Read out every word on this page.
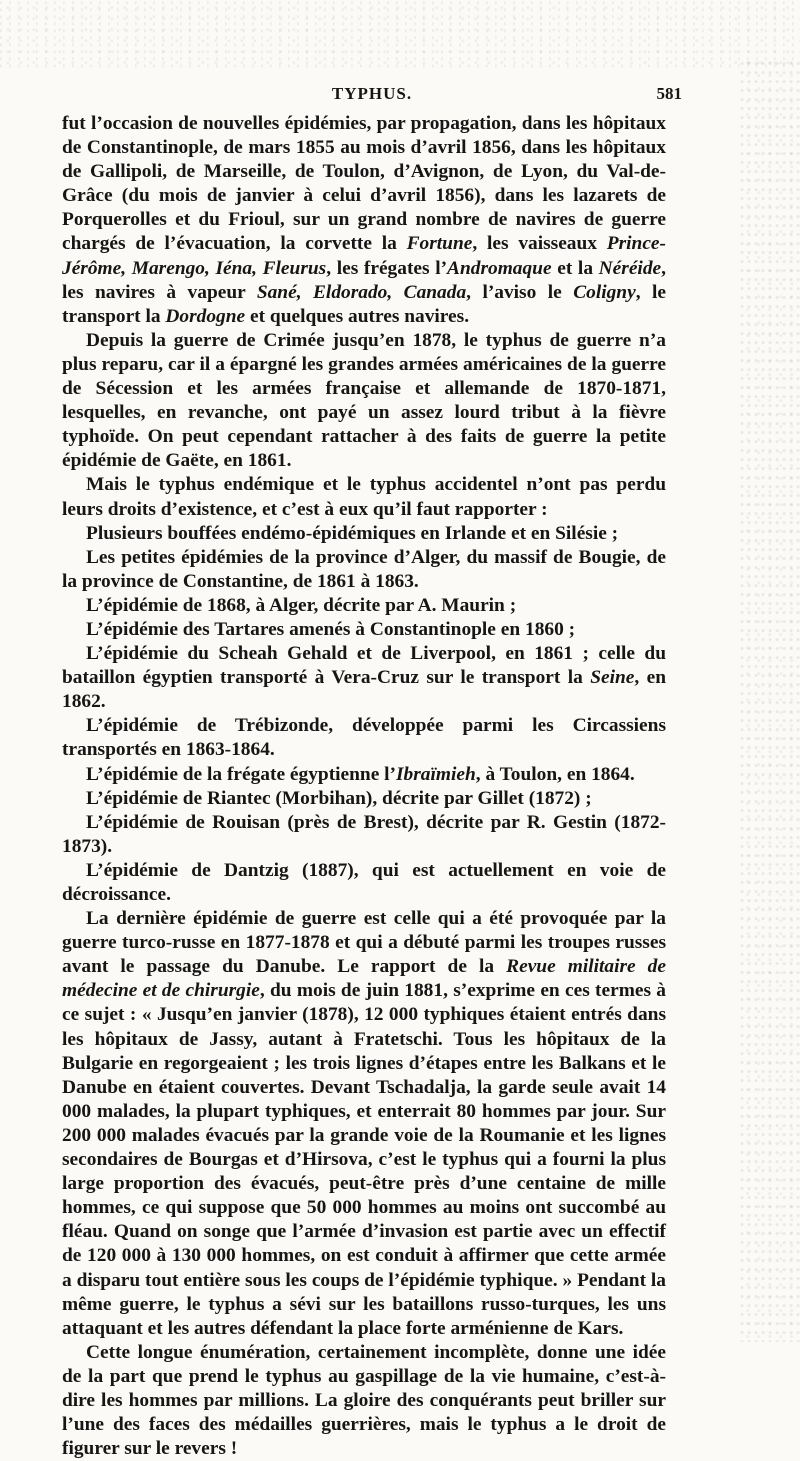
TYPHUS.	581

fut l’occasion de nouvelles épidémies, par propagation, dans les hôpitaux de Constantinople, de mars 1855 au mois d’avril 1856, dans les hôpitaux de Gallipoli, de Marseille, de Toulon, d’Avignon, de Lyon, du Val-de-Grâce (du mois de janvier à celui d’avril 1856), dans les lazarets de Porquerolles et du Frioul, sur un grand nombre de navires de guerre chargés de l’évacuation, la corvette la Fortune, les vaisseaux Prince-Jérôme, Marengo, Iéna, Fleurus, les frégates l’Andromaque et la Néréide, les navires à vapeur Sané, Eldorado, Canada, l’aviso le Coligny, le transport la Dordogne et quelques autres navires.

Depuis la guerre de Crimée jusqu’en 1878, le typhus de guerre n’a plus reparu, car il a épargné les grandes armées américaines de la guerre de Sécession et les armées française et allemande de 1870-1871, lesquelles, en revanche, ont payé un assez lourd tribut à la fièvre typhoïde. On peut cependant rattacher à des faits de guerre la petite épidémie de Gaëte, en 1861.

Mais le typhus endémique et le typhus accidentel n’ont pas perdu leurs droits d’existence, et c’est à eux qu’il faut rapporter :

Plusieurs bouffées endémo-épidémiques en Irlande et en Silésie ;

Les petites épidémies de la province d’Alger, du massif de Bougie, de la province de Constantine, de 1861 à 1863.

L’épidémie de 1868, à Alger, décrite par A. Maurin ;

L’épidémie des Tartares amenés à Constantinople en 1860 ;

L’épidémie du Scheah Gehald et de Liverpool, en 1861 ; celle du bataillon égyptien transporté à Vera-Cruz sur le transport la Seine, en 1862.

L’épidémie de Trébizonde, développée parmi les Circassiens transportés en 1863-1864.

L’épidémie de la frégate égyptienne l’Ibraïmieh, à Toulon, en 1864.

L’épidémie de Riantec (Morbihan), décrite par Gillet (1872) ;

L’épidémie de Rouisan (près de Brest), décrite par R. Gestin (1872-1873).

L’épidémie de Dantzig (1887), qui est actuellement en voie de décroissance.

La dernière épidémie de guerre est celle qui a été provoquée par la guerre turco-russe en 1877-1878 et qui a débuté parmi les troupes russes avant le passage du Danube. Le rapport de la Revue militaire de médecine et de chirurgie, du mois de juin 1881, s’exprime en ces termes à ce sujet : « Jusqu’en janvier (1878), 12 000 typhiques étaient entrés dans les hôpitaux de Jassy, autant à Fratetschi. Tous les hôpitaux de la Bulgarie en regorgeaient ; les trois lignes d’étapes entre les Balkans et le Danube en étaient couvertes. Devant Tschadalja, la garde seule avait 14 000 malades, la plupart typhiques, et enterrait 80 hommes par jour. Sur 200 000 malades évacués par la grande voie de la Roumanie et les lignes secondaires de Bourgas et d’Hirsova, c’est le typhus qui a fourni la plus large proportion des évacués, peut-être près d’une centaine de mille hommes, ce qui suppose que 50 000 hommes au moins ont succombé au fléau. Quand on songe que l’armée d’invasion est partie avec un effectif de 120 000 à 130 000 hommes, on est conduit à affirmer que cette armée a disparu tout entière sous les coups de l’épidémie typhique. » Pendant la même guerre, le typhus a sévi sur les bataillons russo-turques, les uns attaquant et les autres défendant la place forte arménienne de Kars.

Cette longue énumération, certainement incomplète, donne une idée de la part que prend le typhus au gaspillage de la vie humaine, c’est-à-dire les hommes par millions. La gloire des conquérants peut briller sur l’une des faces des médailles guerrières, mais le typhus a le droit de figurer sur le revers !
